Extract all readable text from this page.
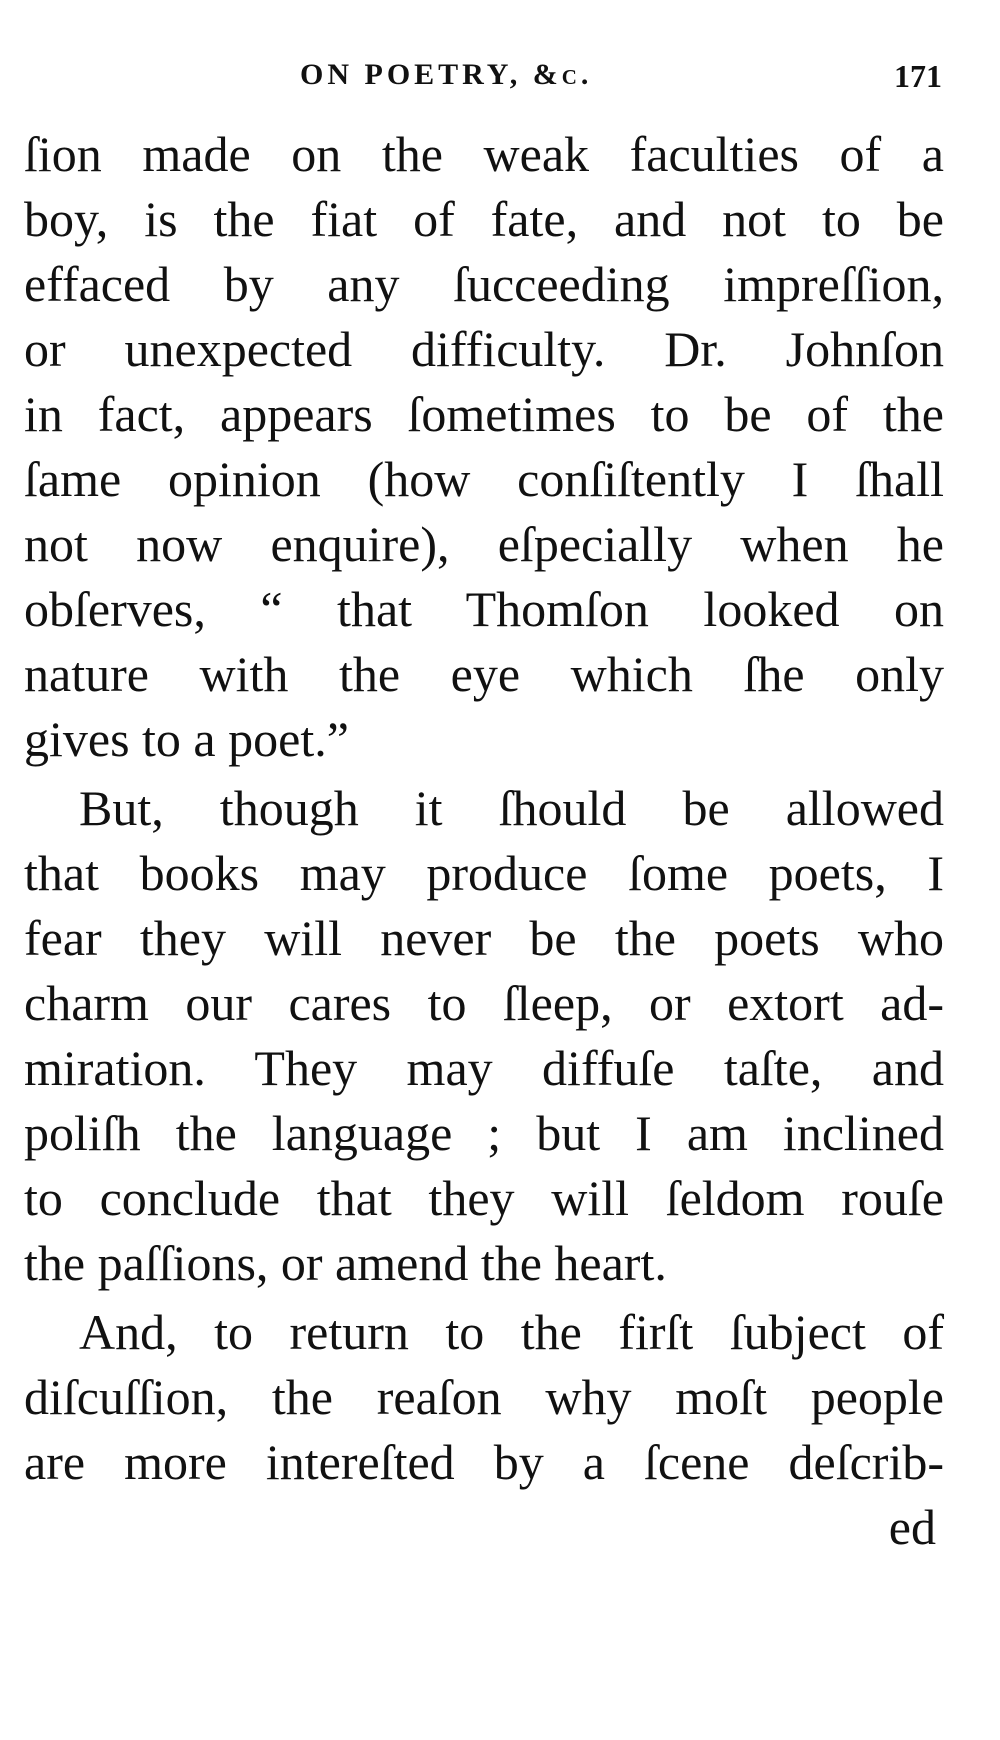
ON POETRY, &c.	171
ſion made on the weak faculties of a
boy, is the fiat of fate, and not to be
effaced by any ſucceeding impreſſion,
or unexpected difficulty. Dr. Johnſon
in fact, appears ſometimes to be of the
ſame opinion (how conſiſtently I ſhall
not now enquire), eſpecially when he
obſerves, “ that Thomſon looked on
nature with the eye which ſhe only
gives to a poet.”
But, though it ſhould be allowed
that books may produce ſome poets, I
fear they will never be the poets who
charm our cares to ſleep, or extort ad-
miration. They may diffuſe taſte, and
poliſh the language ; but I am inclined
to conclude that they will ſeldom rouſe
the paſſions, or amend the heart.
And, to return to the firſt ſubject of
diſcuſſion, the reaſon why moſt people
are more intereſted by a ſcene deſcrib-
ed
